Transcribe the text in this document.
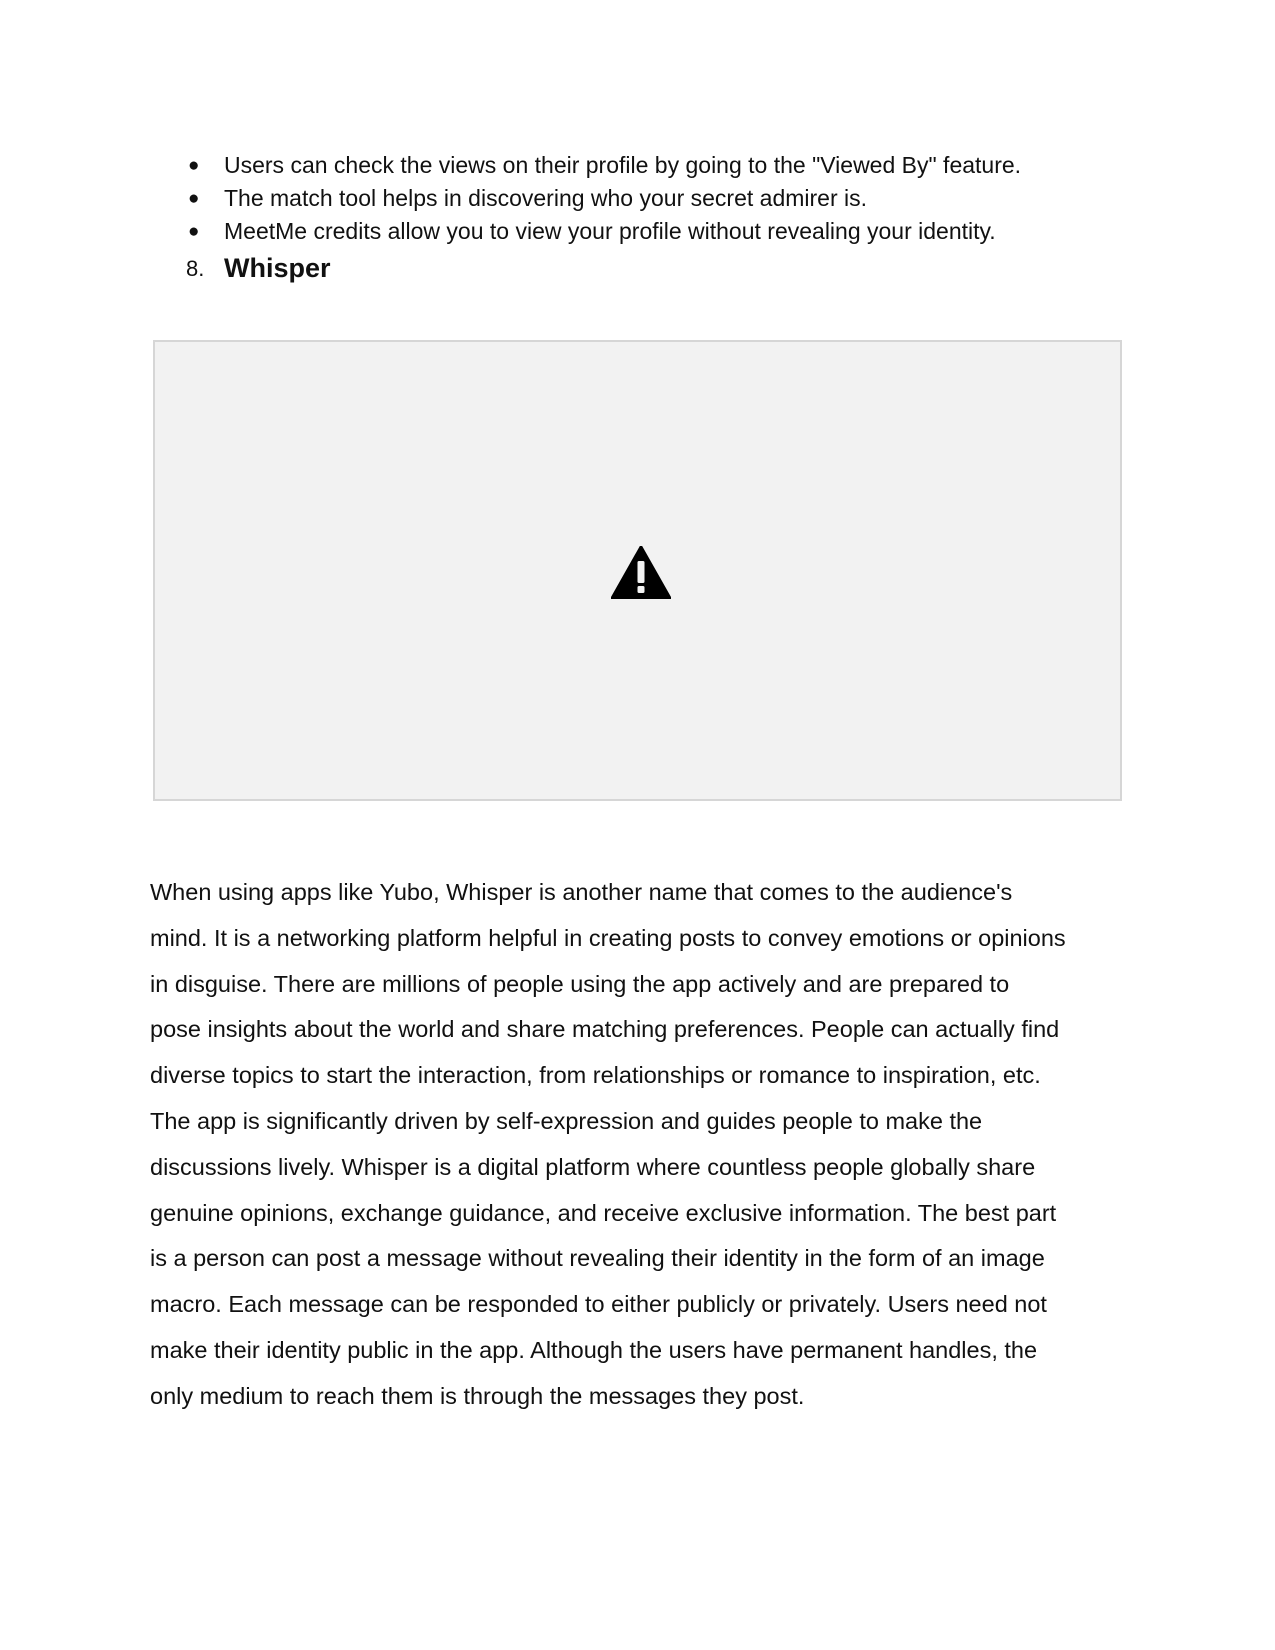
● Users can check the views on their profile by going to the "Viewed By" feature.
● The match tool helps in discovering who your secret admirer is.
● MeetMe credits allow you to view your profile without revealing your identity.
8. Whisper

When using apps like Yubo, Whisper is another name that comes to the audience's
mind. It is a networking platform helpful in creating posts to convey emotions or opinions
in disguise. There are millions of people using the app actively and are prepared to
pose insights about the world and share matching preferences. People can actually find
diverse topics to start the interaction, from relationships or romance to inspiration, etc.
The app is significantly driven by self-expression and guides people to make the
discussions lively. Whisper is a digital platform where countless people globally share
genuine opinions, exchange guidance, and receive exclusive information. The best part
is a person can post a message without revealing their identity in the form of an image
macro. Each message can be responded to either publicly or privately. Users need not
make their identity public in the app. Although the users have permanent handles, the
only medium to reach them is through the messages they post.
